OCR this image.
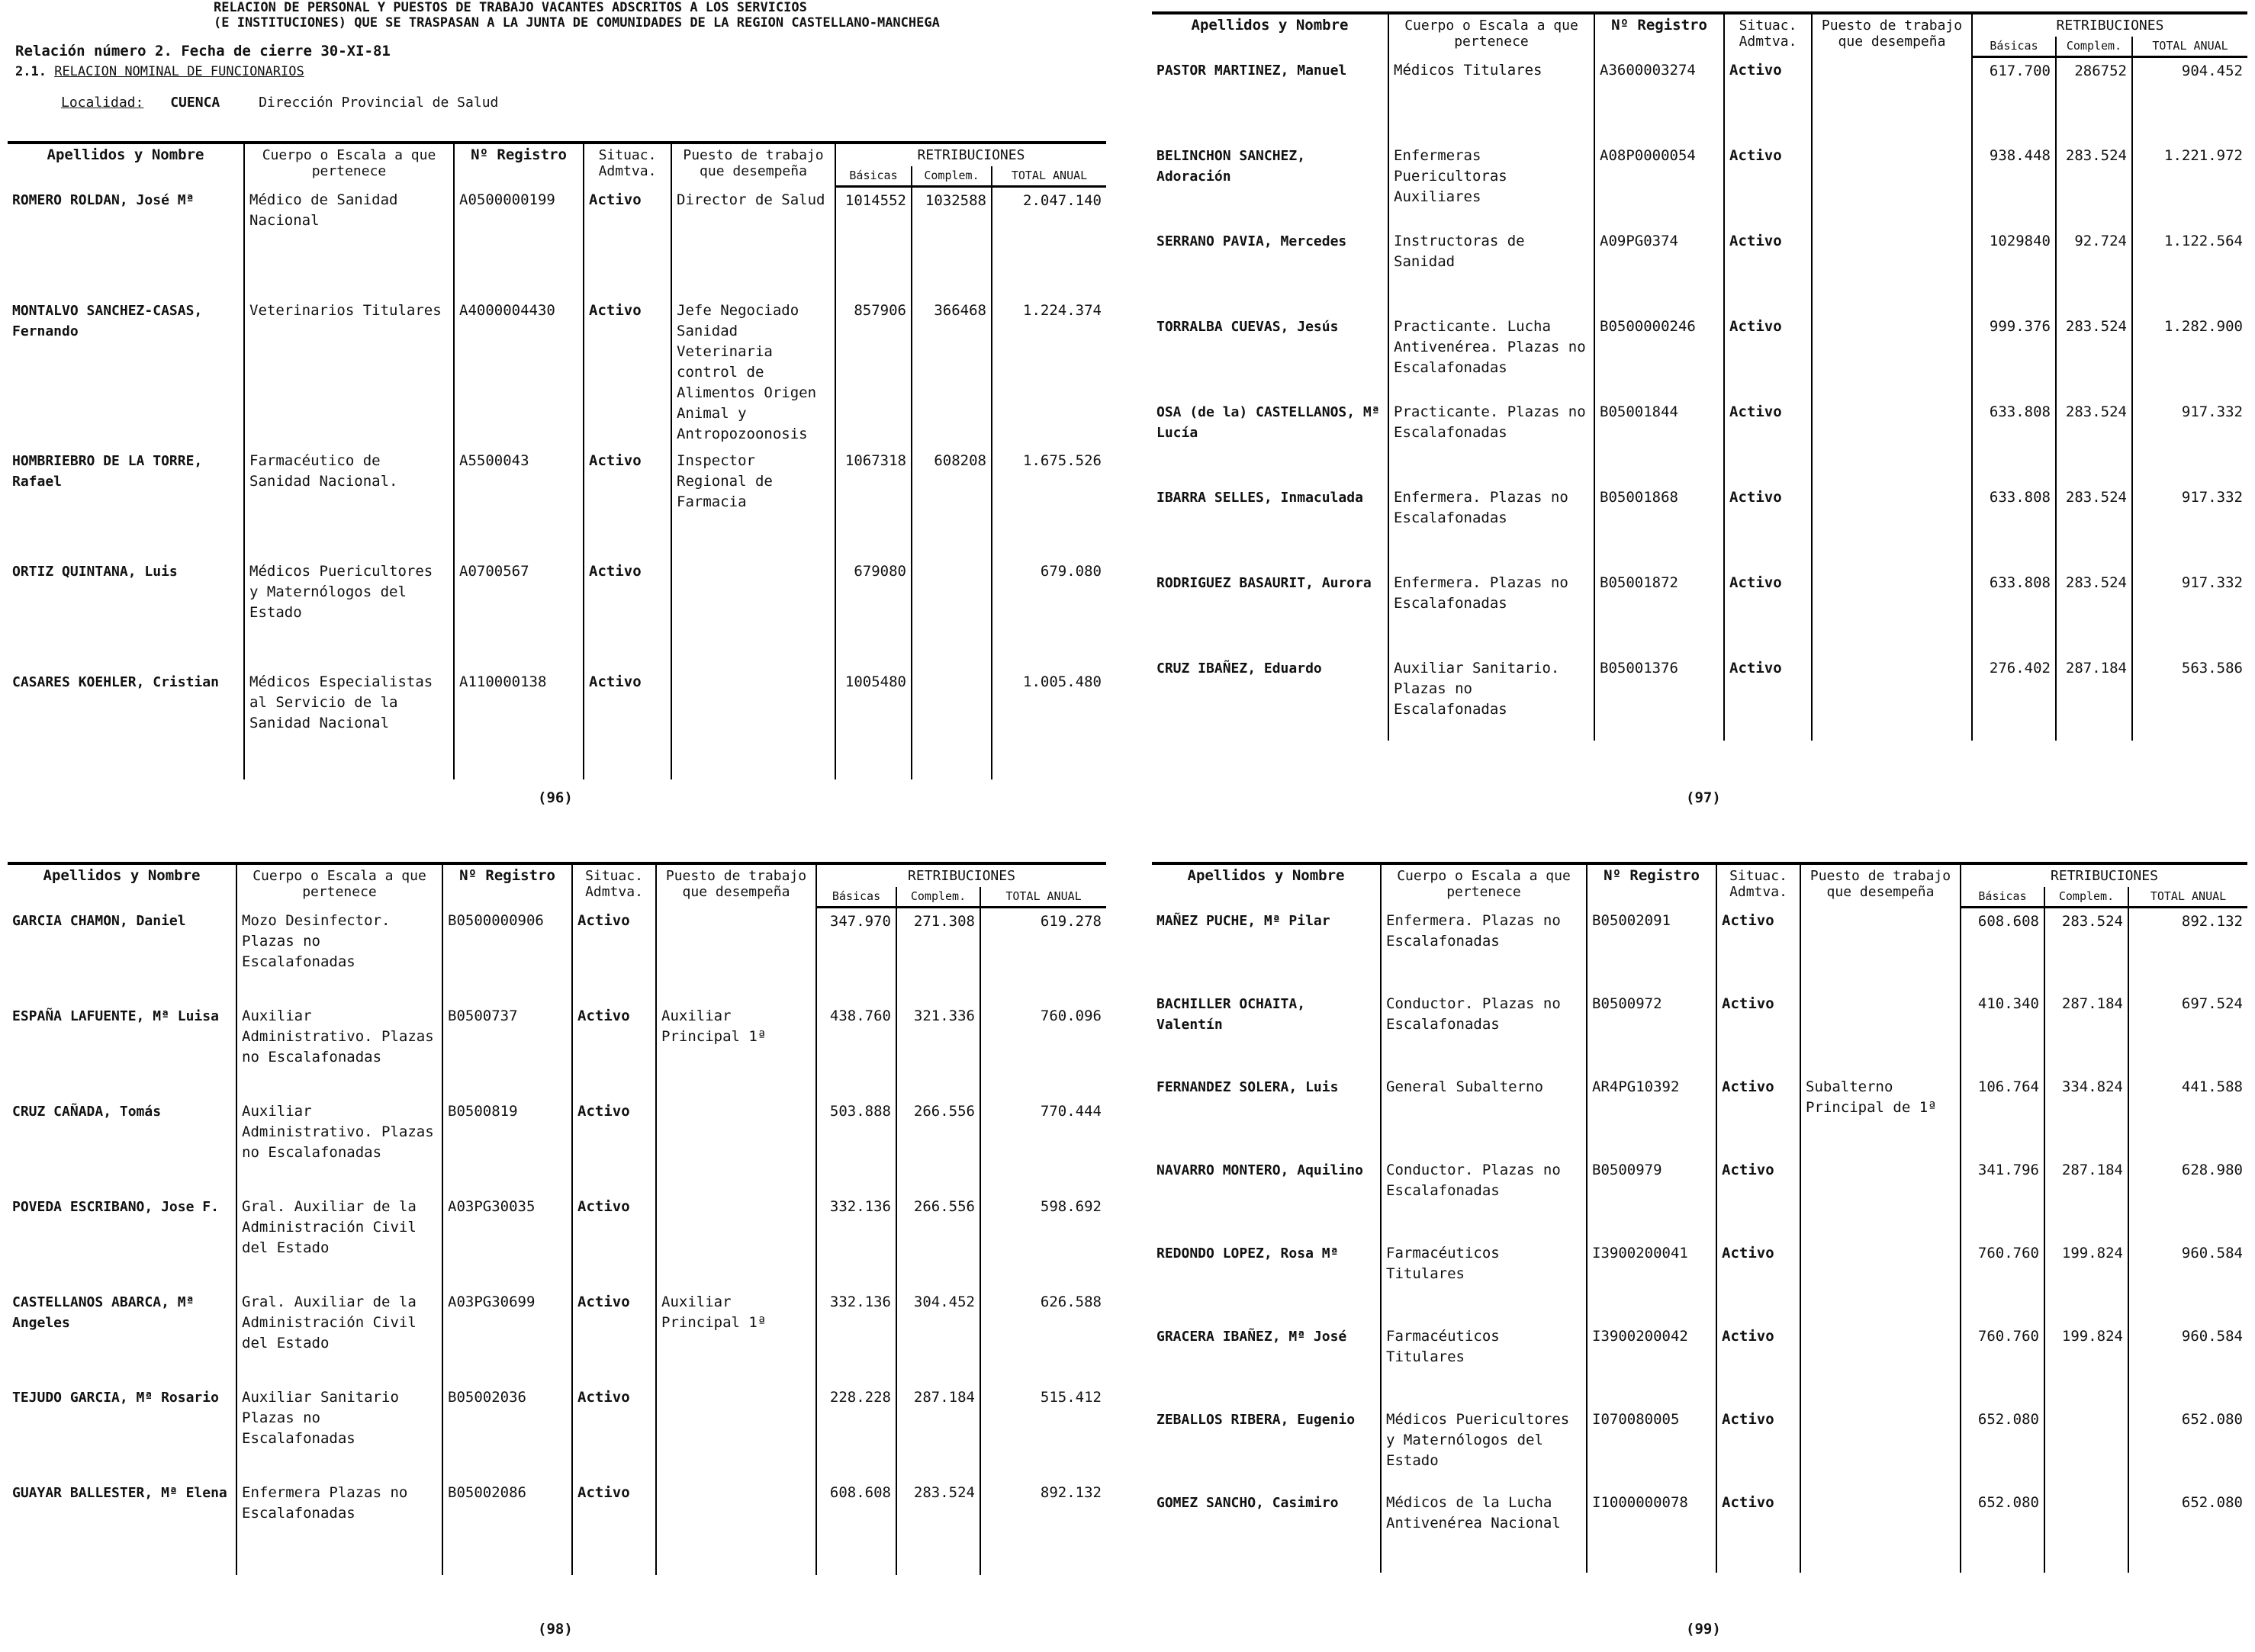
RELACION DE PERSONAL Y PUESTOS DE TRABAJO VACANTES ADSCRITOS A LOS SERVICIOS
(E INSTITUCIONES) QUE SE TRASPASAN A LA JUNTA DE COMUNIDADES DE LA REGION CASTELLANO-MANCHEGA
Relación número 2. Fecha de cierre 30-XI-81
2.1. RELACION NOMINAL DE FUNCIONARIOS
Localidad: CUENCA	Dirección Provincial de Salud
Apellidos y Nombre	Cuerpo o Escala a que pertenece	Nº Registro	Situac. Admtva.	Puesto de trabajo que desempeña	RETRIBUCIONES		
					Básicas	Complem.	TOTAL ANUAL
ROMERO ROLDAN, José Mª	Médico de Sanidad Nacional	A0500000199	Activo	Director de Salud	1014552	1032588	2.047.140
MONTALVO SANCHEZ-CASAS, Fernando	Veterinarios Titulares	A4000004430	Activo	Jefe Negociado Sanidad Veterinaria control de Alimentos Origen Animal y Antropozoonosis	857906	366468	1.224.374
HOMBRIEBRO DE LA TORRE, Rafael	Farmacéutico de Sanidad Nacional.	A5500043	Activo	Inspector Regional de Farmacia	1067318	608208	1.675.526
ORTIZ QUINTANA, Luis	Médicos Puericultores y Maternólogos del Estado	A0700567	Activo		679080		679.080
CASARES KOEHLER, Cristian	Médicos Especialistas al Servicio de la Sanidad Nacional	A110000138	Activo		1005480		1.005.480
(96)
Apellidos y Nombre	Cuerpo o Escala a que pertenece	Nº Registro	Situac. Admtva.	Puesto de trabajo que desempeña	RETRIBUCIONES		
					Básicas	Complem.	TOTAL ANUAL
PASTOR MARTINEZ, Manuel	Médicos Titulares	A3600003274	Activo		617.700	286752	904.452
BELINCHON SANCHEZ, Adoración	Enfermeras Puericultoras Auxiliares	A08P0000054	Activo		938.448	283.524	1.221.972
SERRANO PAVIA, Mercedes	Instructoras de Sanidad	A09PG0374	Activo		1029840	92.724	1.122.564
TORRALBA CUEVAS, Jesús	Practicante. Lucha Antivenérea. Plazas no Escalafonadas	B0500000246	Activo		999.376	283.524	1.282.900
OSA (de la) CASTELLANOS, Mª Lucía	Practicante. Plazas no Escalafonadas	B05001844	Activo		633.808	283.524	917.332
IBARRA SELLES, Inmaculada	Enfermera. Plazas no Escalafonadas	B05001868	Activo		633.808	283.524	917.332
RODRIGUEZ BASAURIT, Aurora	Enfermera. Plazas no Escalafonadas	B05001872	Activo		633.808	283.524	917.332
CRUZ IBAÑEZ, Eduardo	Auxiliar Sanitario. Plazas no Escalafonadas	B05001376	Activo		276.402	287.184	563.586
(97)
Apellidos y Nombre	Cuerpo o Escala a que pertenece	Nº Registro	Situac. Admtva.	Puesto de trabajo que desempeña	RETRIBUCIONES		
					Básicas	Complem.	TOTAL ANUAL
GARCIA CHAMON, Daniel	Mozo Desinfector. Plazas no Escalafonadas	B0500000906	Activo		347.970	271.308	619.278
ESPAÑA LAFUENTE, Mª Luisa	Auxiliar Administrativo. Plazas no Escalafonadas	B0500737	Activo	Auxiliar Principal 1ª	438.760	321.336	760.096
CRUZ CAÑADA, Tomás	Auxiliar Administrativo. Plazas no Escalafonadas	B0500819	Activo		503.888	266.556	770.444
POVEDA ESCRIBANO, Jose F.	Gral. Auxiliar de la Administración Civil del Estado	A03PG30035	Activo		332.136	266.556	598.692
CASTELLANOS ABARCA, Mª Angeles	Gral. Auxiliar de la Administración Civil del Estado	A03PG30699	Activo	Auxiliar Principal 1ª	332.136	304.452	626.588
TEJUDO GARCIA, Mª Rosario	Auxiliar Sanitario Plazas no Escalafonadas	B05002036	Activo		228.228	287.184	515.412
GUAYAR BALLESTER, Mª Elena	Enfermera Plazas no Escalafonadas	B05002086	Activo		608.608	283.524	892.132
(98)
Apellidos y Nombre	Cuerpo o Escala a que pertenece	Nº Registro	Situac. Admtva.	Puesto de trabajo que desempeña	RETRIBUCIONES		
					Básicas	Complem.	TOTAL ANUAL
MAÑEZ PUCHE, Mª Pilar	Enfermera. Plazas no Escalafonadas	B05002091	Activo		608.608	283.524	892.132
BACHILLER OCHAITA, Valentín	Conductor. Plazas no Escalafonadas	B0500972	Activo		410.340	287.184	697.524
FERNANDEZ SOLERA, Luis	General Subalterno	AR4PG10392	Activo	Subalterno Principal de 1ª	106.764	334.824	441.588
NAVARRO MONTERO, Aquilino	Conductor. Plazas no Escalafonadas	B0500979	Activo		341.796	287.184	628.980
REDONDO LOPEZ, Rosa Mª	Farmacéuticos Titulares	I3900200041	Activo		760.760	199.824	960.584
GRACERA IBAÑEZ, Mª José	Farmacéuticos Titulares	I3900200042	Activo		760.760	199.824	960.584
ZEBALLOS RIBERA, Eugenio	Médicos Puericultores y Maternólogos del Estado	I070080005	Activo		652.080		652.080
GOMEZ SANCHO, Casimiro	Médicos de la Lucha Antivenérea Nacional	I1000000078	Activo		652.080		652.080
(99)
